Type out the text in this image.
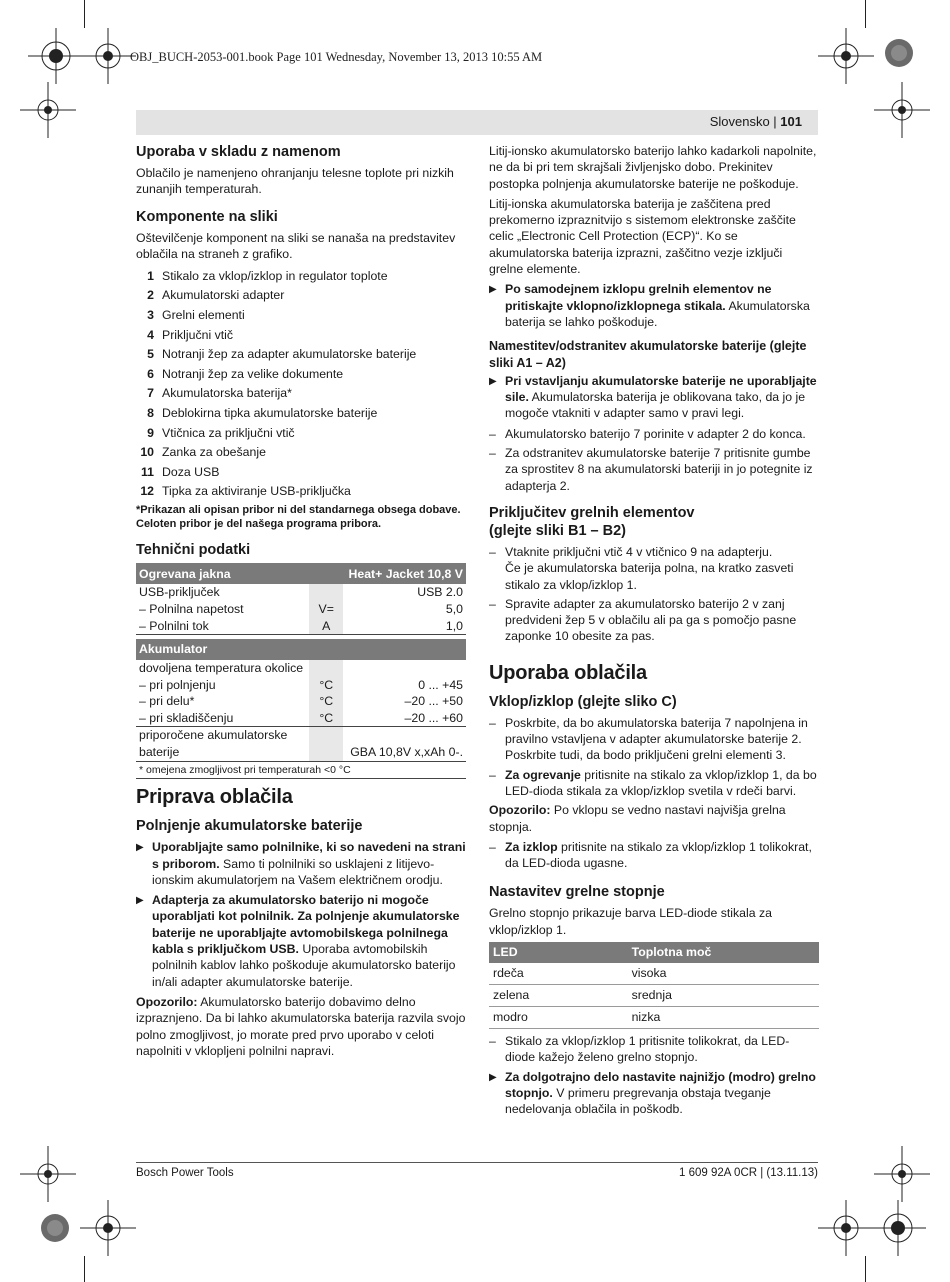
OBJ_BUCH-2053-001.book Page 101 Wednesday, November 13, 2013 10:55 AM
Slovensko | 101
Uporaba v skladu z namenom

Oblačilo je namenjeno ohranjanju telesne toplote pri nizkih zunanjih temperaturah.

Komponente na sliki

Oštevilčenje komponent na sliki se nanaša na predstavitev oblačila na straneh z grafiko.

1 Stikalo za vklop/izklop in regulator toplote
2 Akumulatorski adapter
3 Grelni elementi
4 Priključni vtič
5 Notranji žep za adapter akumulatorske baterije
6 Notranji žep za velike dokumente
7 Akumulatorska baterija*
8 Deblokirna tipka akumulatorske baterije
9 Vtičnica za priključni vtič
10 Zanka za obešanje
11 Doza USB
12 Tipka za aktiviranje USB-priključka
*Prikazan ali opisan pribor ni del standarnega obsega dobave. Celoten pribor je del našega programa pribora.
Tehnični podatki
Ogrevana jakna		Heat+ Jacket 10,8 V
USB-priključek		USB 2.0
– Polnilna napetost	V=	5,0
– Polnilni tok	A	1,0

Akumulator		
dovoljena temperatura okolice		
– pri polnjenju	°C	0 ... +45
– pri delu*	°C	–20 ... +50
– pri skladiščenju	°C	–20 ... +60
priporočene akumulatorske		
baterije		GBA 10,8V x,xAh 0-.
* omejena zmogljivost pri temperaturah <0 °C		
Priprava oblačila
Polnjenje akumulatorske baterije
▶ Uporabljajte samo polnilnike, ki so navedeni na strani s priborom. Samo ti polnilniki so usklajeni z litijevo-ionskim akumulatorjem na Vašem električnem orodju.
▶ Adapterja za akumulatorsko baterijo ni mogoče uporabljati kot polnilnik. Za polnjenje akumulatorske baterije ne uporabljajte avtomobilskega polnilnega kabla s priključkom USB. Uporaba avtomobilskih polnilnih kablov lahko poškoduje akumulatorsko baterijo in/ali adapter akumulatorske baterije.

Opozorilo: Akumulatorsko baterijo dobavimo delno izpraznjeno. Da bi lahko akumulatorska baterija razvila svojo polno zmogljivost, jo morate pred prvo uporabo v celoti napolniti v vklopljeni polnilni napravi.

Litij-ionsko akumulatorsko baterijo lahko kadarkoli napolnite, ne da bi pri tem skrajšali življenjsko dobo. Prekinitev postopka polnjenja akumulatorske baterije ne poškoduje.

Litij-ionska akumulatorska baterija je zaščitena pred prekomerno izpraznitvijo s sistemom elektronske zaščite celic „Electronic Cell Protection (ECP)“. Ko se akumulatorska baterija izprazni, zaščitno vezje izključi grelne elemente.

▶ Po samodejnem izklopu grelnih elementov ne pritiskajte vklopno/izklopnega stikala. Akumulatorska baterija se lahko poškoduje.
Namestitev/odstranitev akumulatorske baterije (glejte sliki A1 – A2)
▶ Pri vstavljanju akumulatorske baterije ne uporabljajte sile. Akumulatorska baterija je oblikovana tako, da jo je mogoče vtakniti v adapter samo v pravi legi.
– Akumulatorsko baterijo 7 porinite v adapter 2 do konca.
– Za odstranitev akumulatorske baterije 7 pritisnite gumbe za sprostitev 8 na akumulatorski bateriji in jo potegnite iz adapterja 2.
Priključitev grelnih elementov (glejte sliki B1 – B2)
– Vtaknite priključni vtič 4 v vtičnico 9 na adapterju.
Če je akumulatorska baterija polna, na kratko zasveti stikalo za vklop/izklop 1.
– Spravite adapter za akumulatorsko baterijo 2 v zanj predvideni žep 5 v oblačilu ali pa ga s pomočjo pasne zaponke 10 obesite za pas.
Uporaba oblačila
Vklop/izklop (glejte sliko C)
– Poskrbite, da bo akumulatorska baterija 7 napolnjena in pravilno vstavljena v adapter akumulatorske baterije 2. Poskrbite tudi, da bodo priključeni grelni elementi 3.
– Za ogrevanje pritisnite na stikalo za vklop/izklop 1, da bo LED-dioda stikala za vklop/izklop svetila v rdeči barvi.

Opozorilo: Po vklopu se vedno nastavi najvišja grelna stopnja.

– Za izklop pritisnite na stikalo za vklop/izklop 1 tolikokrat, da LED-dioda ugasne.
Nastavitev grelne stopnje

Grelno stopnjo prikazuje barva LED-diode stikala za vklop/izklop 1.

LED	Toplotna moč
rdeča	visoka
zelena	srednja
modro	nizka
– Stikalo za vklop/izklop 1 pritisnite tolikokrat, da LED-diode kažejo želeno grelno stopnjo.
▶ Za dolgotrajno delo nastavite najnižjo (modro) grelno stopnjo. V primeru pregrevanja obstaja tveganje nedelovanja oblačila in poškodb.
Bosch Power Tools	1 609 92A 0CR | (13.11.13)
